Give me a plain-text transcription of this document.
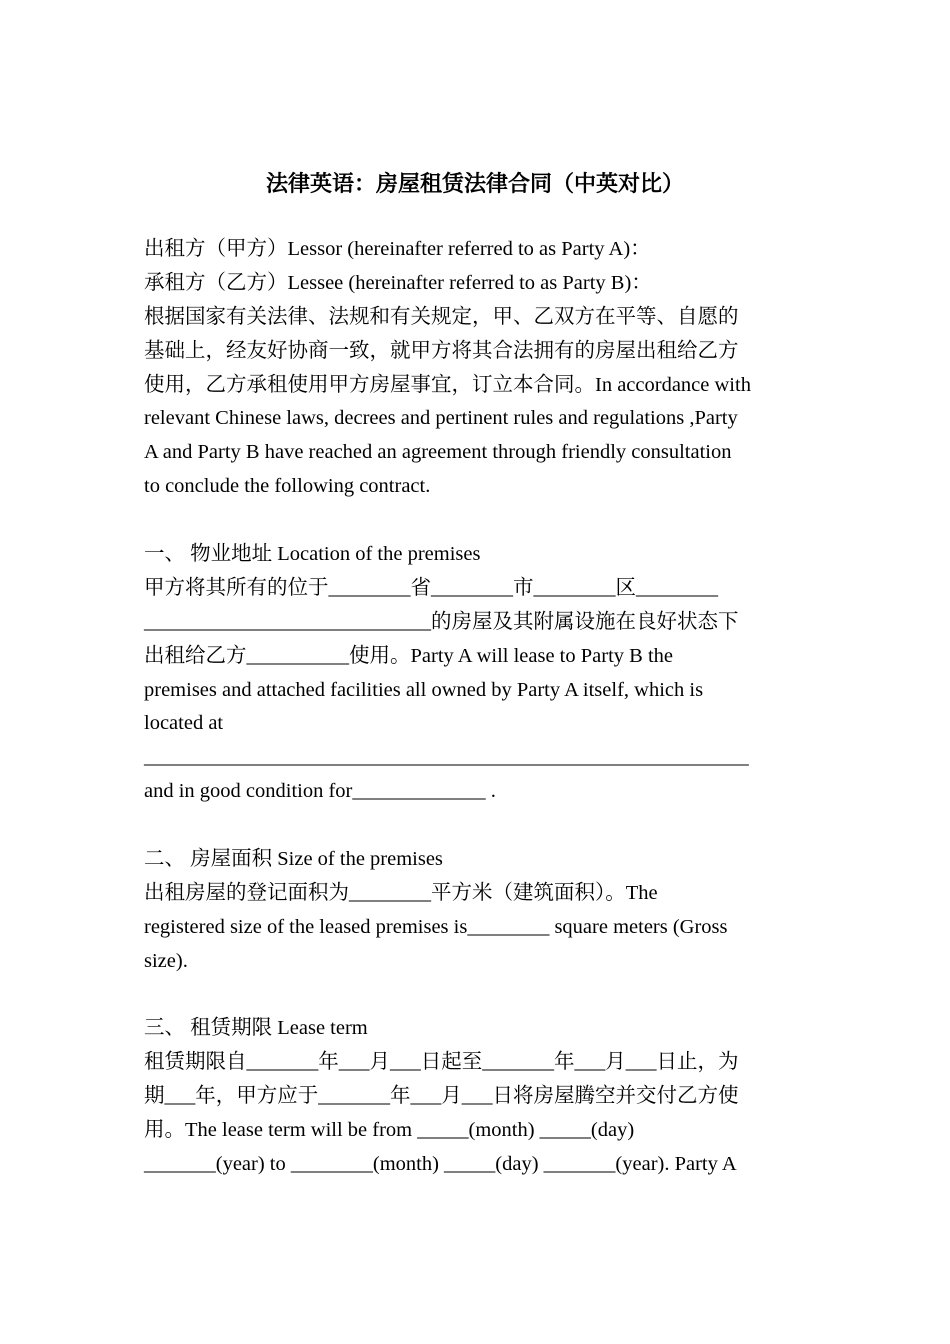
法律英语：房屋租赁法律合同（中英对比）
出租方（甲方）Lessor (hereinafter referred to as Party A)：
承租方（乙方）Lessee (hereinafter referred to as Party B)：
根据国家有关法律、法规和有关规定，甲、乙双方在平等、自愿的
基础上，经友好协商一致，就甲方将其合法拥有的房屋出租给乙方
使用，乙方承租使用甲方房屋事宜，订立本合同。In accordance with
relevant Chinese laws, decrees and pertinent rules and regulations ,Party
A and Party B have reached an agreement through friendly consultation
to conclude the following contract.
一、 物业地址 Location of the premises
甲方将其所有的位于________省________市________区________
____________________________的房屋及其附属设施在良好状态下
出租给乙方__________使用。Party A will lease to Party B the
premises and attached facilities all owned by Party A itself, which is
located at
___________________________________________________________
and in good condition for_____________ .
二、 房屋面积 Size of the premises
出租房屋的登记面积为________平方米（建筑面积）。The
registered size of the leased premises is________ square meters (Gross
size).
三、 租赁期限 Lease term
租赁期限自_______年___月___日起至_______年___月___日止，为
期___年，甲方应于_______年___月___日将房屋腾空并交付乙方使
用。The lease term will be from _____(month) _____(day)
_______(year) to ________(month) _____(day) _______(year). Party A
